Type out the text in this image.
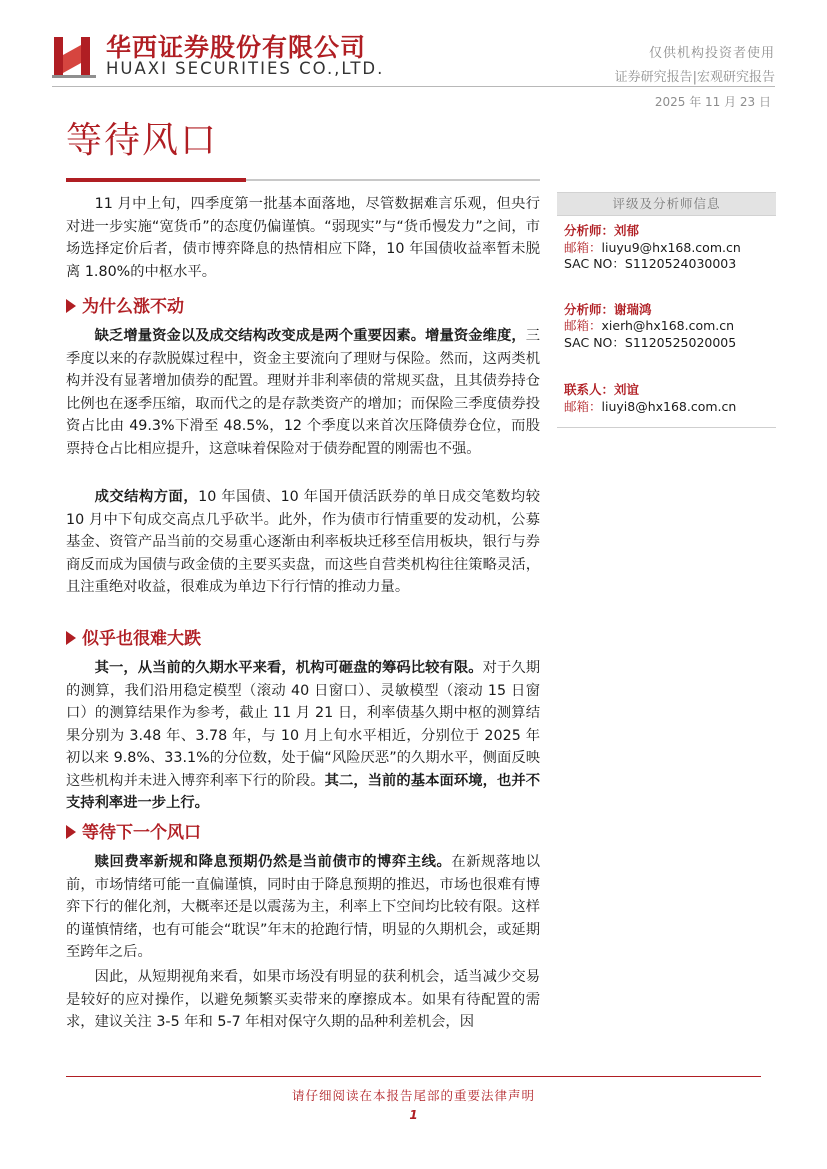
华西证券股份有限公司
HUAXI SECURITIES CO.,LTD.
仅供机构投资者使用
证券研究报告|宏观研究报告
2025 年 11 月 23 日
等待风口
11 月中上旬，四季度第一批基本面落地，尽管数据难言乐观，但央行对进一步实施“宽货币”的态度仍偏谨慎。“弱现实”与“货币慢发力”之间，市场选择定价后者，债市博弈降息的热情相应下降，10 年国债收益率暂未脱离 1.80%的中枢水平。
为什么涨不动
缺乏增量资金以及成交结构改变成是两个重要因素。增量资金维度，三季度以来的存款脱媒过程中，资金主要流向了理财与保险。然而，这两类机构并没有显著增加债券的配置。理财并非利率债的常规买盘，且其债券持仓比例也在逐季压缩，取而代之的是存款类资产的增加；而保险三季度债券投资占比由 49.3%下滑至 48.5%，12 个季度以来首次压降债券仓位，而股票持仓占比相应提升，这意味着保险对于债券配置的刚需也不强。
成交结构方面，10 年国债、10 年国开债活跃券的单日成交笔数均较 10 月中下旬成交高点几乎砍半。此外，作为债市行情重要的发动机，公募基金、资管产品当前的交易重心逐渐由利率板块迁移至信用板块，银行与券商反而成为国债与政金债的主要买卖盘，而这些自营类机构往往策略灵活，且注重绝对收益，很难成为单边下行行情的推动力量。
似乎也很难大跌
其一，从当前的久期水平来看，机构可砸盘的筹码比较有限。对于久期的测算，我们沿用稳定模型（滚动 40 日窗口）、灵敏模型（滚动 15 日窗口）的测算结果作为参考，截止 11 月 21 日，利率债基久期中枢的测算结果分别为 3.48 年、3.78 年，与 10 月上旬水平相近，分别位于 2025 年初以来 9.8%、33.1%的分位数，处于偏“风险厌恶”的久期水平，侧面反映这些机构并未进入博弈利率下行的阶段。其二，当前的基本面环境，也并不支持利率进一步上行。
等待下一个风口
赎回费率新规和降息预期仍然是当前债市的博弈主线。在新规落地以前，市场情绪可能一直偏谨慎，同时由于降息预期的推迟，市场也很难有博弈下行的催化剂，大概率还是以震荡为主，利率上下空间均比较有限。这样的谨慎情绪，也有可能会“耽误”年末的抢跑行情，明显的久期机会，或延期至跨年之后。
因此，从短期视角来看，如果市场没有明显的获利机会，适当减少交易是较好的应对操作，以避免频繁买卖带来的摩擦成本。如果有待配置的需求，建议关注 3-5 年和 5-7 年相对保守久期的品种利差机会，因
评级及分析师信息
分析师：刘郁
邮箱：liuyu9@hx168.com.cn
SAC NO：S1120524030003
分析师：谢瑞鸿
邮箱：xierh@hx168.com.cn
SAC NO：S1120525020005
联系人：刘谊
邮箱：liuyi8@hx168.com.cn
请仔细阅读在本报告尾部的重要法律声明
1
